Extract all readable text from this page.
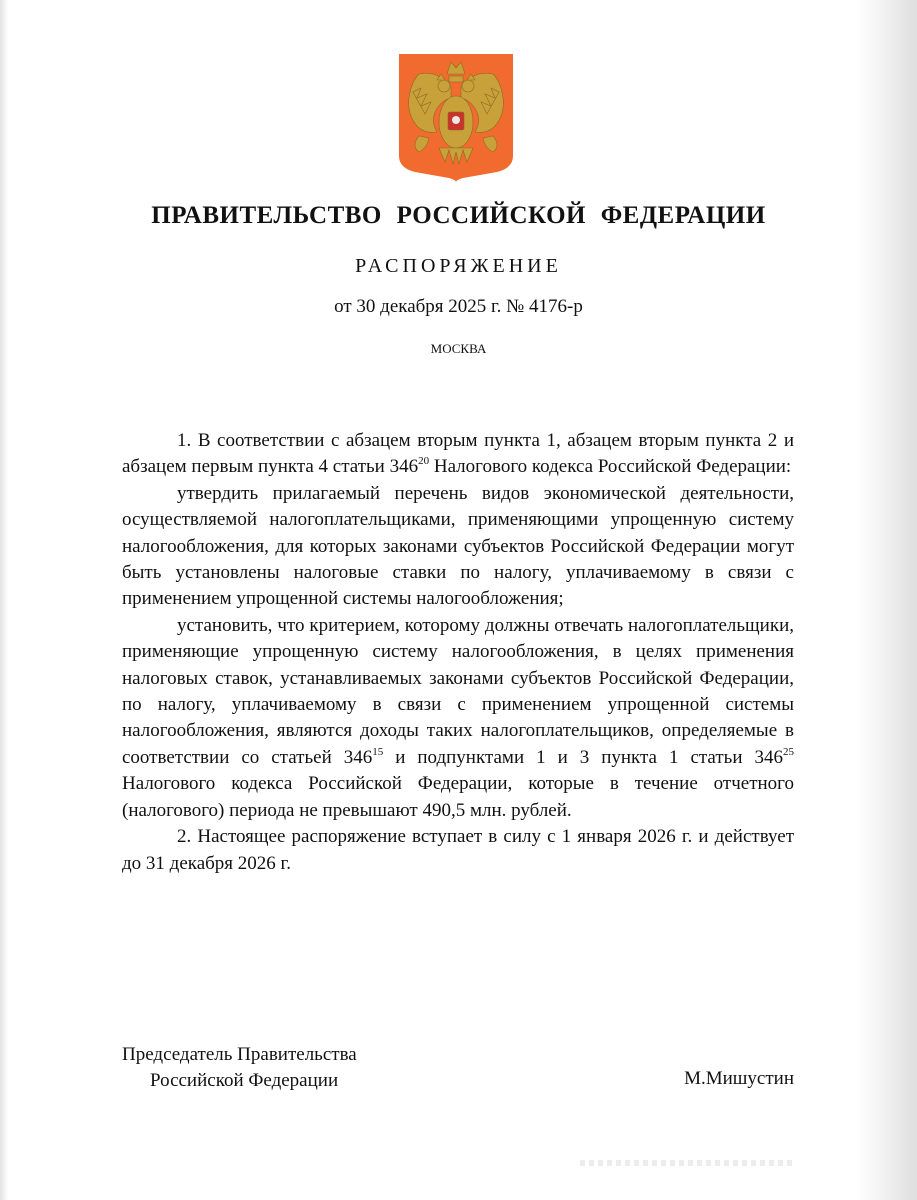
ПРАВИТЕЛЬСТВО РОССИЙСКОЙ ФЕДЕРАЦИИ
РАСПОРЯЖЕНИЕ
от 30 декабря 2025 г. № 4176-р
МОСКВА

1. В соответствии с абзацем вторым пункта 1, абзацем вторым пункта 2 и абзацем первым пункта 4 статьи $346^{20}$ Налогового кодекса Российской Федерации:

утвердить прилагаемый перечень видов экономической деятельности, осуществляемой налогоплательщиками, применяющими упрощенную систему налогообложения, для которых законами субъектов Российской Федерации могут быть установлены налоговые ставки по налогу, уплачиваемому в связи с применением упрощенной системы налогообложения;

установить, что критерием, которому должны отвечать налогоплательщики, применяющие упрощенную систему налогообложения, в целях применения налоговых ставок, устанавливаемых законами субъектов Российской Федерации, по налогу, уплачиваемому в связи с применением упрощенной системы налогообложения, являются доходы таких налогоплательщиков, определяемые в соответствии со статьей $346^{15}$ и подпунктами 1 и 3 пункта 1 статьи $346^{25}$ Налогового кодекса Российской Федерации, которые в течение отчетного (налогового) периода не превышают 490,5 млн. рублей.

2. Настоящее распоряжение вступает в силу с 1 января 2026 г. и действует до 31 декабря 2026 г.

Председатель Правительства
Российской Федерации	М.Мишустин
